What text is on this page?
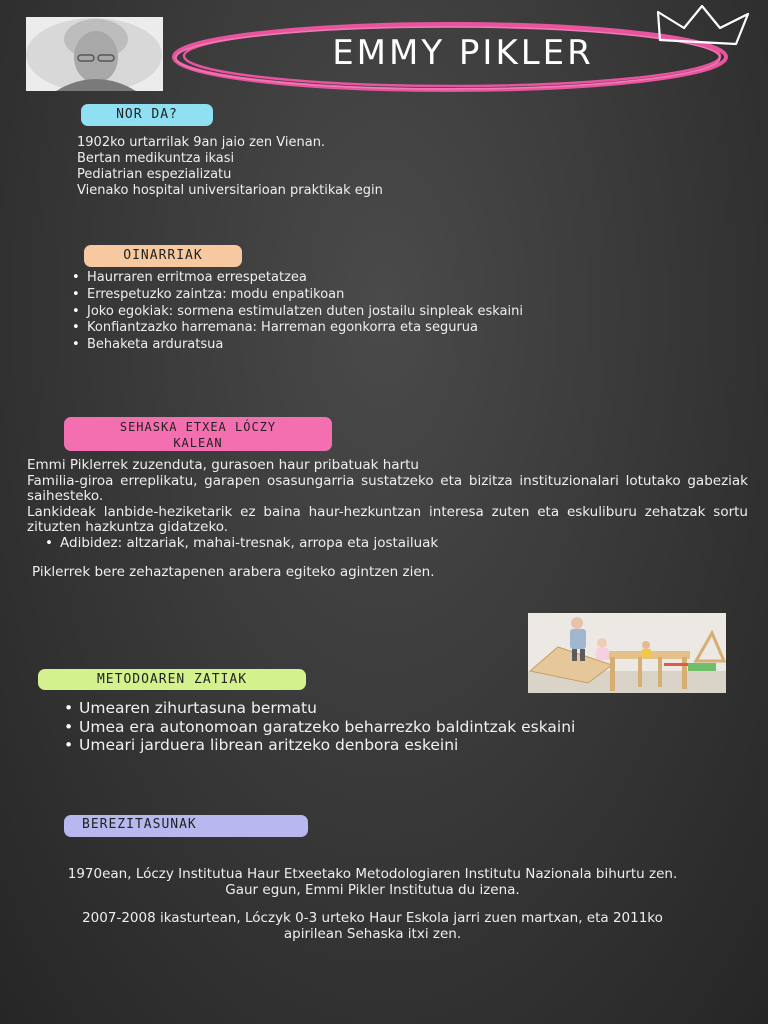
EMMY PIKLER
NOR DA?
1902ko urtarrilak 9an jaio zen Vienan.
Bertan medikuntza ikasi
Pediatrian espezializatu
Vienako hospital universitarioan praktikak egin
OINARRIAK
• Haurraren erritmoa errespetatzea
• Errespetuzko zaintza: modu enpatikoan
• Joko egokiak: sormena estimulatzen duten jostailu sinpleak eskaini
• Konfiantzazko harremana: Harreman egonkorra eta segurua
• Behaketa arduratsua
SEHASKA ETXEA LÓCZY
KALEAN
Emmi Piklerrek zuzenduta, gurasoen haur pribatuak hartu
Familia-giroa erreplikatu, garapen osasungarria sustatzeko eta bizitza instituzionalari lotutako gabeziak saihesteko.
Lankideak lanbide-heziketarik ez baina haur-hezkuntzan interesa zuten eta eskuliburu zehatzak sortu zituzten hazkuntza gidatzeko.
• Adibidez: altzariak, mahai-tresnak, arropa eta jostailuak
Piklerrek bere zehaztapenen arabera egiteko agintzen zien.
METODOAREN ZATIAK
• Umearen zihurtasuna bermatu
• Umea era autonomoan garatzeko beharrezko baldintzak eskaini
• Umeari jarduera librean aritzeko denbora eskeini
BEREZITASUNAK
1970ean, Lóczy Institutua Haur Etxeetako Metodologiaren Institutu Nazionala bihurtu zen. Gaur egun, Emmi Pikler Institutua du izena.
2007-2008 ikasturtean, Lóczyk 0-3 urteko Haur Eskola jarri zuen martxan, eta 2011ko apirilean Sehaska itxi zen.
